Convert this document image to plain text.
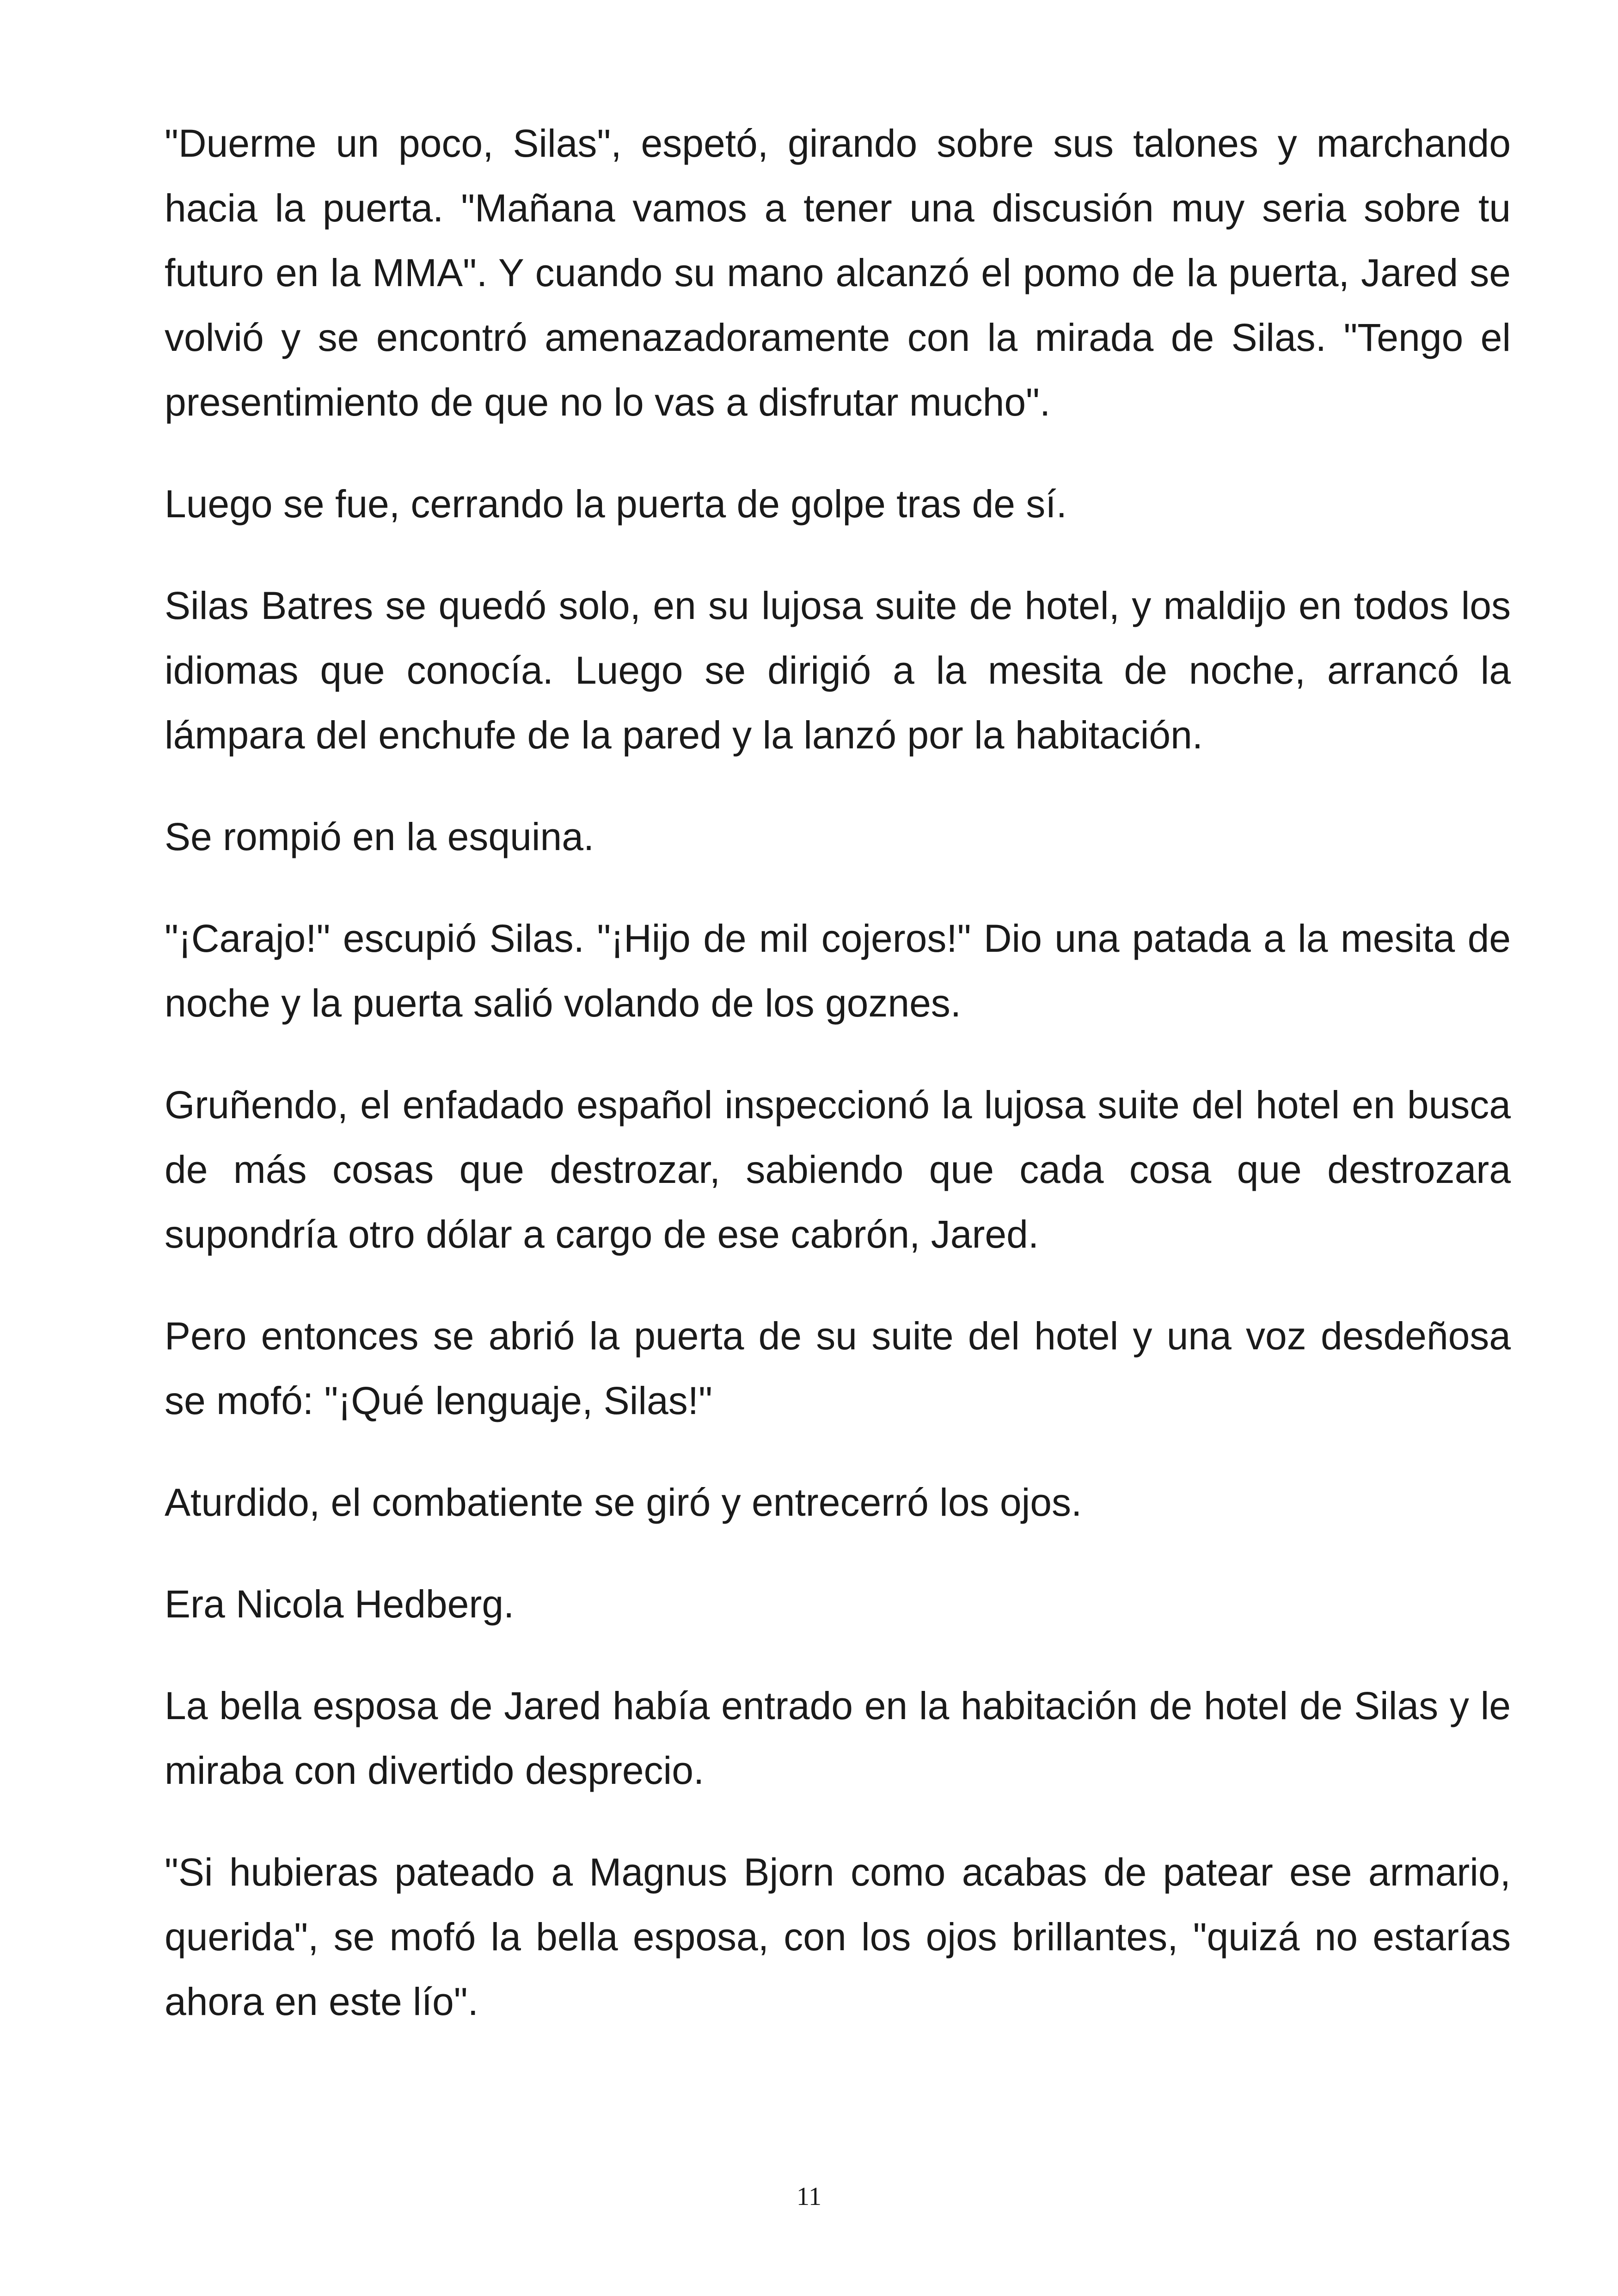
"Duerme un poco, Silas", espetó, girando sobre sus talones y marchando hacia la puerta. "Mañana vamos a tener una discusión muy seria sobre tu futuro en la MMA". Y cuando su mano alcanzó el pomo de la puerta, Jared se volvió y se encontró amenazadoramente con la mirada de Silas. "Tengo el presentimiento de que no lo vas a disfrutar mucho".

Luego se fue, cerrando la puerta de golpe tras de sí.

Silas Batres se quedó solo, en su lujosa suite de hotel, y maldijo en todos los idiomas que conocía. Luego se dirigió a la mesita de noche, arrancó la lámpara del enchufe de la pared y la lanzó por la habitación.

Se rompió en la esquina.

"¡Carajo!" escupió Silas. "¡Hijo de mil cojeros!" Dio una patada a la mesita de noche y la puerta salió volando de los goznes.

Gruñendo, el enfadado español inspeccionó la lujosa suite del hotel en busca de más cosas que destrozar, sabiendo que cada cosa que destrozara supondría otro dólar a cargo de ese cabrón, Jared.

Pero entonces se abrió la puerta de su suite del hotel y una voz desdeñosa se mofó: "¡Qué lenguaje, Silas!"

Aturdido, el combatiente se giró y entrecerró los ojos.

Era Nicola Hedberg.

La bella esposa de Jared había entrado en la habitación de hotel de Silas y le miraba con divertido desprecio.

"Si hubieras pateado a Magnus Bjorn como acabas de patear ese armario, querida", se mofó la bella esposa, con los ojos brillantes, "quizá no estarías ahora en este lío".

11
